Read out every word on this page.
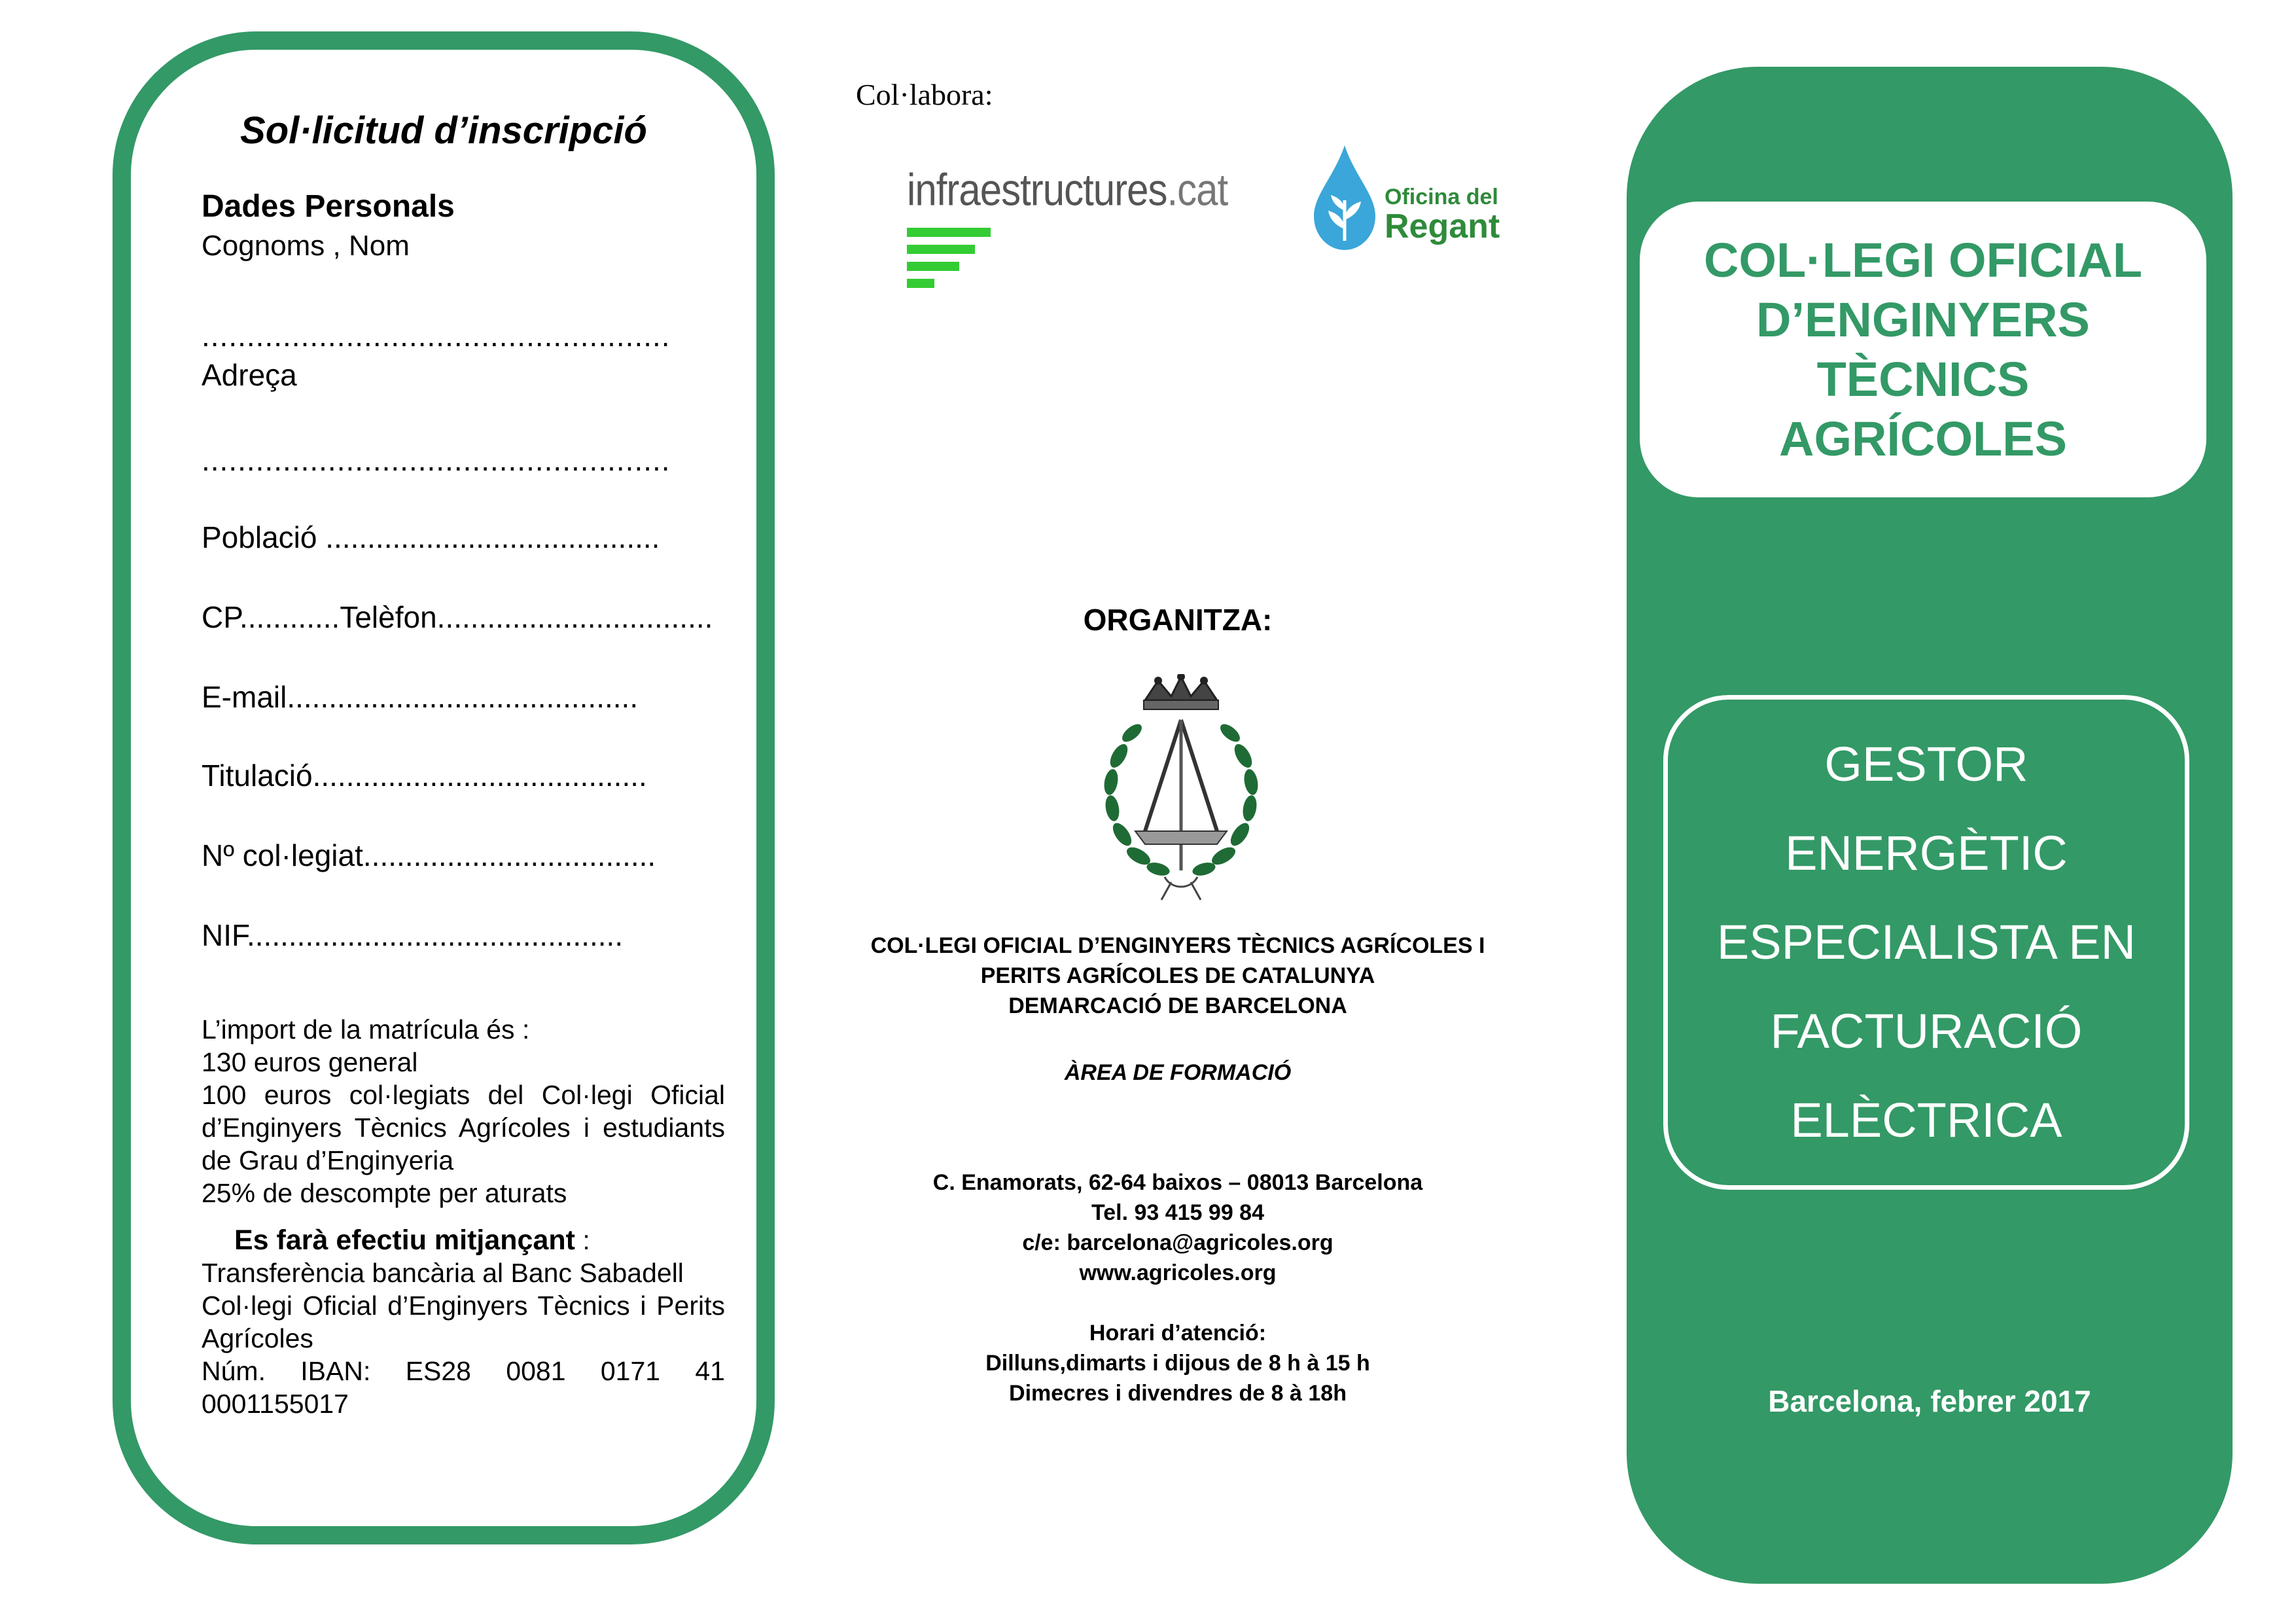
Sol·licitud d’inscripció
Dades Personals
Cognoms , Nom
....................................................
Adreça
....................................................
Població ........................................
CP............Telèfon.................................
E-mail..........................................
Titulació........................................
Nº col·legiat...................................
NIF.............................................
L’import de la matrícula és :
130 euros general
100 euros col·legiats del Col·legi Oficial d’Enginyers Tècnics Agrícoles i estudiants de Grau d’Enginyeria
25% de descompte per aturats
Es farà efectiu mitjançant :
Transferència bancària al Banc Sabadell
Col·legi Oficial d’Enginyers Tècnics i Perits Agrícoles
Núm. IBAN: ES28 0081 0171 41
0001155017
Col·labora:
infraestructures.cat	Oficina del
Regant
ORGANITZA:
COL·LEGI OFICIAL D’ENGINYERS TÈCNICS AGRÍCOLES I
PERITS AGRÍCOLES DE CATALUNYA
DEMARCACIÓ DE BARCELONA
ÀREA DE FORMACIÓ
C. Enamorats, 62-64 baixos – 08013 Barcelona
Tel. 93 415 99 84
c/e: barcelona@agricoles.org
www.agricoles.org
Horari d’atenció:
Dilluns,dimarts i dijous de 8 h à 15 h
Dimecres i divendres de 8 à 18h
COL·LEGI OFICIAL
D’ENGINYERS
TÈCNICS
AGRÍCOLES
GESTOR
ENERGÈTIC
ESPECIALISTA EN
FACTURACIÓ
ELÈCTRICA
Barcelona, febrer 2017
